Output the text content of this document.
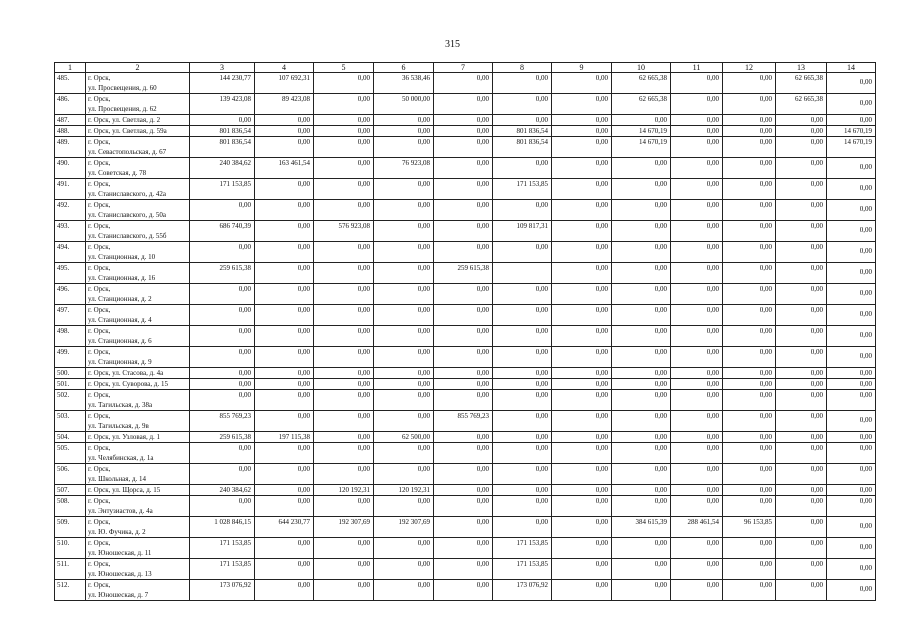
315
1	2	3	4	5	6	7	8	9	10	11	12	13	14
485.	г. Орск,
ул. Просвещения, д. 60	144 230,77	107 692,31	0,00	36 538,46	0,00	0,00	0,00	62 665,38	0,00	0,00	62 665,38	0,00

486.	г. Орск,
ул. Просвещения, д. 62	139 423,08	89 423,08	0,00	50 000,00	0,00	0,00	0,00	62 665,38	0,00	0,00	62 665,38	0,00

487.	г. Орск, ул. Светлая, д. 2	0,00	0,00	0,00	0,00	0,00	0,00	0,00	0,00	0,00	0,00	0,00	0,00

488.	г. Орск, ул. Светлая, д. 59а	801 836,54	0,00	0,00	0,00	0,00	801 836,54	0,00	14 670,19	0,00	0,00	0,00	14 670,19

489.	г. Орск,
ул. Севастопольская, д. 67	801 836,54	0,00	0,00	0,00	0,00	801 836,54	0,00	14 670,19	0,00	0,00	0,00	14 670,19

490.	г. Орск,
ул. Советская, д. 78	240 384,62	163 461,54	0,00	76 923,08	0,00	0,00	0,00	0,00	0,00	0,00	0,00	0,00

491.	г. Орск,
ул. Станиславского, д. 42а	171 153,85	0,00	0,00	0,00	0,00	171 153,85	0,00	0,00	0,00	0,00	0,00	0,00

492.	г. Орск,
ул. Станиславского, д. 50а	0,00	0,00	0,00	0,00	0,00	0,00	0,00	0,00	0,00	0,00	0,00	0,00

493.	г. Орск,
ул. Станиславского, д. 55б	686 740,39	0,00	576 923,08	0,00	0,00	109 817,31	0,00	0,00	0,00	0,00	0,00	0,00

494.	г. Орск,
ул. Станционная, д. 10	0,00	0,00	0,00	0,00	0,00	0,00	0,00	0,00	0,00	0,00	0,00	0,00

495.	г. Орск,
ул. Станционная, д. 16	259 615,38	0,00	0,00	0,00	259 615,38		0,00	0,00	0,00	0,00	0,00	0,00

496.	г. Орск,
ул. Станционная, д. 2	0,00	0,00	0,00	0,00	0,00	0,00	0,00	0,00	0,00	0,00	0,00	0,00

497.	г. Орск,
ул. Станционная, д. 4	0,00	0,00	0,00	0,00	0,00	0,00	0,00	0,00	0,00	0,00	0,00	0,00

498.	г. Орск,
ул. Станционная, д. 6	0,00	0,00	0,00	0,00	0,00	0,00	0,00	0,00	0,00	0,00	0,00	0,00

499.	г. Орск,
ул. Станционная, д. 9	0,00	0,00	0,00	0,00	0,00	0,00	0,00	0,00	0,00	0,00	0,00	0,00

500.	г. Орск, ул. Стасова, д. 4а	0,00	0,00	0,00	0,00	0,00	0,00	0,00	0,00	0,00	0,00	0,00	0,00

501.	г. Орск, ул. Суворова, д. 15	0,00	0,00	0,00	0,00	0,00	0,00	0,00	0,00	0,00	0,00	0,00	0,00

502.	г. Орск,
ул. Тагильская, д. 38а	0,00	0,00	0,00	0,00	0,00	0,00	0,00	0,00	0,00	0,00	0,00	0,00

503.	г. Орск,
ул. Тагильская, д. 9в	855 769,23	0,00	0,00	0,00	855 769,23	0,00	0,00	0,00	0,00	0,00	0,00	0,00

504.	г. Орск, ул. Узловая, д. 1	259 615,38	197 115,38	0,00	62 500,00	0,00	0,00	0,00	0,00	0,00	0,00	0,00	0,00

505.	г. Орск,
ул. Челябинская, д. 1а	0,00	0,00	0,00	0,00	0,00	0,00	0,00	0,00	0,00	0,00	0,00	0,00

506.	г. Орск,
ул. Школьная, д. 14	0,00	0,00	0,00	0,00	0,00	0,00	0,00	0,00	0,00	0,00	0,00	0,00

507.	г. Орск, ул. Щорса, д. 15	240 384,62	0,00	120 192,31	120 192,31	0,00	0,00	0,00	0,00	0,00	0,00	0,00	0,00

508.	г. Орск,
ул. Энтузиастов, д. 4а	0,00	0,00	0,00	0,00	0,00	0,00	0,00	0,00	0,00	0,00	0,00	0,00

509.	г. Орск,
ул. Ю. Фучика, д. 2	1 028 846,15	644 230,77	192 307,69	192 307,69	0,00	0,00	0,00	384 615,39	288 461,54	96 153,85	0,00	0,00

510.	г. Орск,
ул. Юношеская, д. 11	171 153,85	0,00	0,00	0,00	0,00	171 153,85	0,00	0,00	0,00	0,00	0,00	0,00

511.	г. Орск,
ул. Юношеская, д. 13	171 153,85	0,00	0,00	0,00	0,00	171 153,85	0,00	0,00	0,00	0,00	0,00	0,00

512.	г. Орск,
ул. Юношеская, д. 7	173 076,92	0,00	0,00	0,00	0,00	173 076,92	0,00	0,00	0,00	0,00	0,00	0,00
